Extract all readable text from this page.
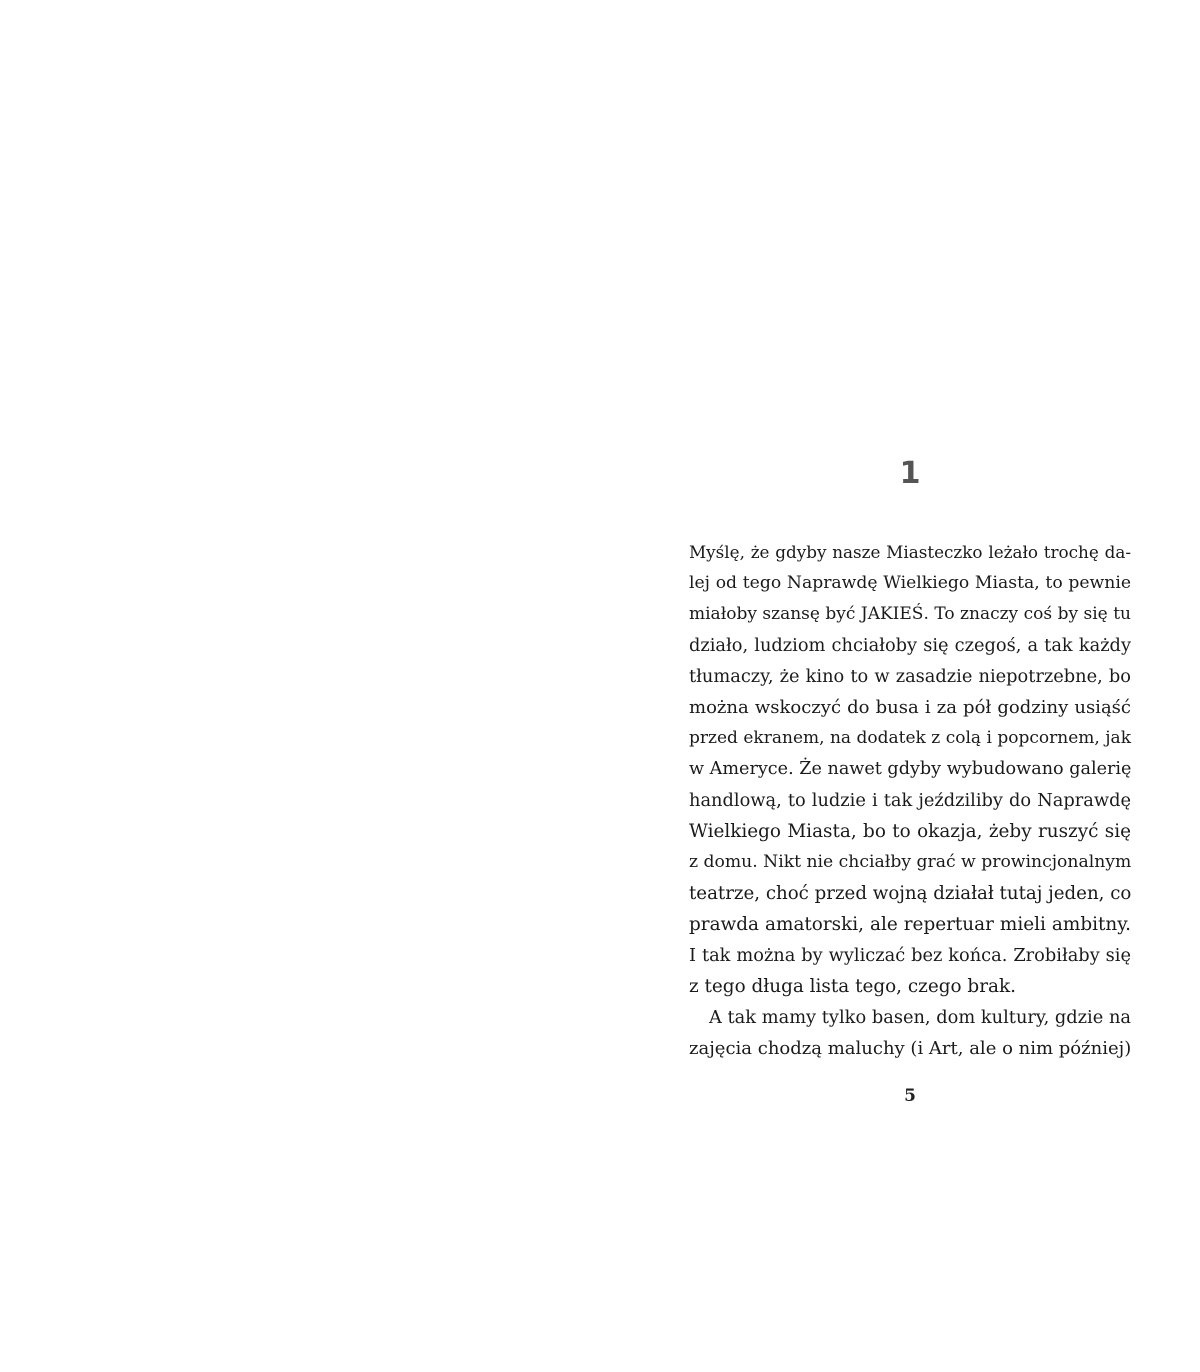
1
Myślę, że gdyby nasze Miasteczko leżało trochę da-
lej od tego Naprawdę Wielkiego Miasta, to pewnie
miałoby szansę być JAKIEŚ. To znaczy coś by się tu
działo, ludziom chciałoby się czegoś, a tak każdy
tłumaczy, że kino to w zasadzie niepotrzebne, bo
można wskoczyć do busa i za pół godziny usiąść
przed ekranem, na dodatek z colą i popcornem, jak
w Ameryce. Że nawet gdyby wybudowano galerię
handlową, to ludzie i tak jeździliby do Naprawdę
Wielkiego Miasta, bo to okazja, żeby ruszyć się
z domu. Nikt nie chciałby grać w prowincjonalnym
teatrze, choć przed wojną działał tutaj jeden, co
prawda amatorski, ale repertuar mieli ambitny.
I tak można by wyliczać bez końca. Zrobiłaby się
z tego długa lista tego, czego brak.
A tak mamy tylko basen, dom kultury, gdzie na
zajęcia chodzą maluchy (i Art, ale o nim później)
5
